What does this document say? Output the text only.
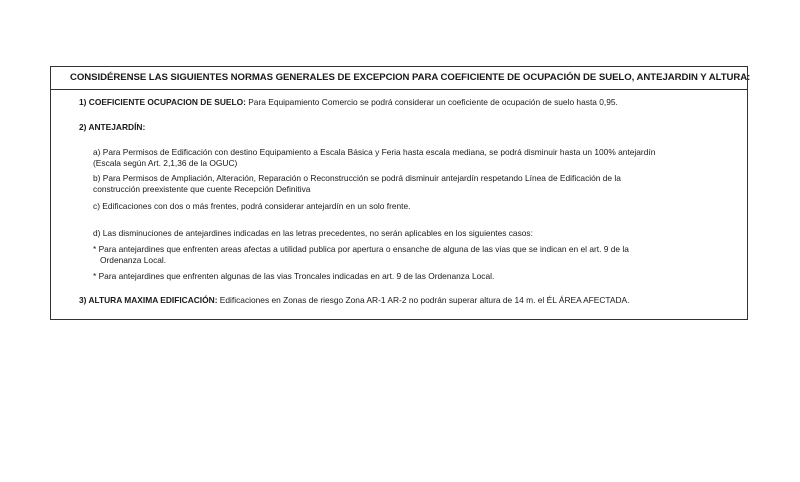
CONSIDÉRENSE LAS SIGUIENTES NORMAS GENERALES DE EXCEPCION PARA COEFICIENTE DE OCUPACIÓN DE SUELO, ANTEJARDIN Y ALTURA:
1) COEFICIENTE OCUPACION DE SUELO: Para Equipamiento Comercio se podrá considerar un coeficiente de ocupación de suelo hasta 0,95.
2) ANTEJARDÍN:
a) Para Permisos de Edificación con destino Equipamiento a Escala Básica y Feria hasta escala mediana, se podrá disminuir hasta un 100% antejardín
(Escala según Art. 2,1,36 de la OGUC)
b) Para Permisos de Ampliación, Alteración, Reparación o Reconstrucción se podrá disminuir antejardín respetando Línea de Edificación de la
construcción preexistente que cuente Recepción Definitiva
c) Edificaciones con dos o más frentes, podrá considerar antejardín en un solo frente.
d) Las disminuciones de antejardines indicadas en las letras precedentes, no serán aplicables en los siguientes casos:
* Para antejardines que enfrenten areas afectas a utilidad publica por apertura o ensanche de alguna de las vias que se indican en el art. 9 de la
Ordenanza Local.
* Para antejardines que enfrenten algunas de las vias Troncales indicadas en art. 9 de las Ordenanza Local.
3) ALTURA MAXIMA EDIFICACIÓN: Edificaciones en Zonas de riesgo Zona AR-1 AR-2 no podrán superar altura de 14 m. el ÉL ÁREA AFECTADA.
